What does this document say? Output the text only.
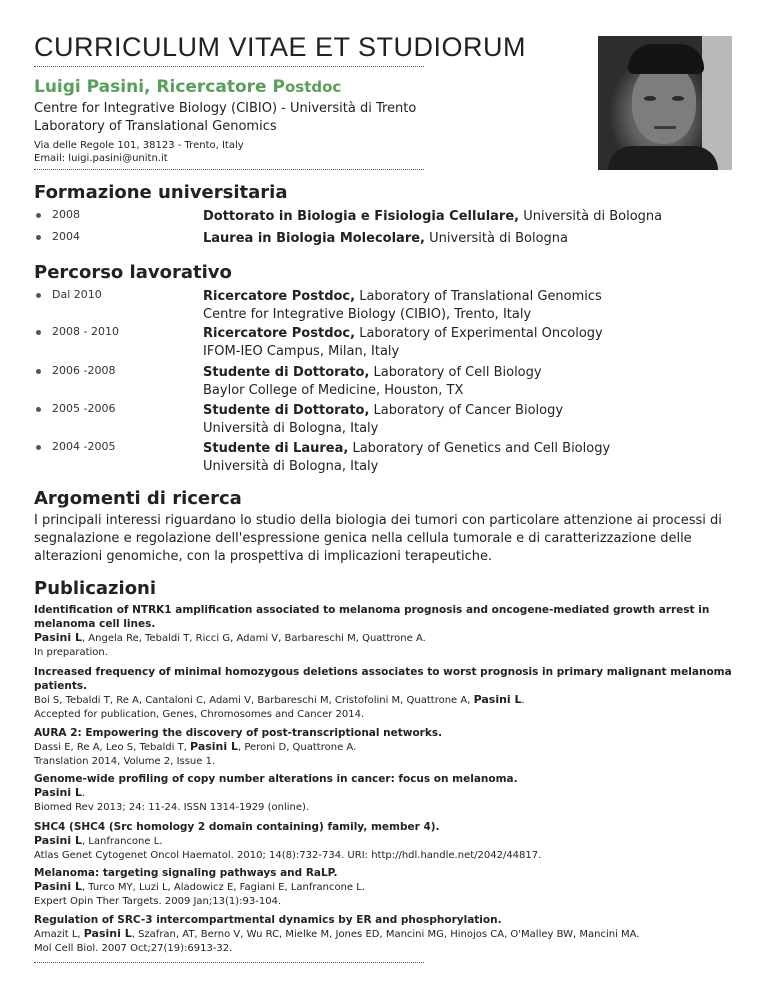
CURRICULUM VITAE ET STUDIORUM
Luigi Pasini, Ricercatore Postdoc
Centre for Integrative Biology (CIBIO) - Università di Trento
Laboratory of Translational Genomics
Via delle Regole 101, 38123 - Trento, Italy
Email: luigi.pasini@unitn.it
Formazione universitaria
2008	Dottorato in Biologia e Fisiologia Cellulare, Università di Bologna
2004	Laurea in Biologia Molecolare, Università di Bologna
Percorso lavorativo
Dal 2010	Ricercatore Postdoc, Laboratory of Translational Genomics
Centre for Integrative Biology (CIBIO), Trento, Italy
2008 - 2010	Ricercatore Postdoc, Laboratory of Experimental Oncology
IFOM-IEO Campus, Milan, Italy
2006 -2008	Studente di Dottorato, Laboratory of Cell Biology
Baylor College of Medicine, Houston, TX
2005 -2006	Studente di Dottorato, Laboratory of Cancer Biology
Università di Bologna, Italy
2004 -2005	Studente di Laurea, Laboratory of Genetics and Cell Biology
Università di Bologna, Italy
Argomenti di ricerca
I principali interessi riguardano lo studio della biologia dei tumori con particolare attenzione ai processi di segnalazione e regolazione dell'espressione genica nella cellula tumorale e di caratterizzazione delle alterazioni genomiche, con la prospettiva di implicazioni terapeutiche.
Publicazioni
Identification of NTRK1 amplification associated to melanoma prognosis and oncogene-mediated growth arrest in melanoma cell lines.
Pasini L, Angela Re, Tebaldi T, Ricci G, Adami V, Barbareschi M, Quattrone A.
In preparation.
Increased frequency of minimal homozygous deletions associates to worst prognosis in primary malignant melanoma patients.
Boi S, Tebaldi T, Re A, Cantaloni C, Adami V, Barbareschi M, Cristofolini M, Quattrone A, Pasini L.
Accepted for publication, Genes, Chromosomes and Cancer 2014.
AURA 2: Empowering the discovery of post-transcriptional networks.
Dassi E, Re A, Leo S, Tebaldi T, Pasini L, Peroni D, Quattrone A.
Translation 2014, Volume 2, Issue 1.
Genome-wide profiling of copy number alterations in cancer: focus on melanoma.
Pasini L.
Biomed Rev 2013; 24: 11-24. ISSN 1314-1929 (online).
SHC4 (SHC4 (Src homology 2 domain containing) family, member 4).
Pasini L, Lanfrancone L.
Atlas Genet Cytogenet Oncol Haematol. 2010; 14(8):732-734. URI: http://hdl.handle.net/2042/44817.
Melanoma: targeting signaling pathways and RaLP.
Pasini L, Turco MY, Luzi L, Aladowicz E, Fagiani E, Lanfrancone L.
Expert Opin Ther Targets. 2009 Jan;13(1):93-104.
Regulation of SRC-3 intercompartmental dynamics by ER and phosphorylation.
Amazit L, Pasini L, Szafran, AT, Berno V, Wu RC, Mielke M, Jones ED, Mancini MG, Hinojos CA, O'Malley BW, Mancini MA.
Mol Cell Biol. 2007 Oct;27(19):6913-32.
